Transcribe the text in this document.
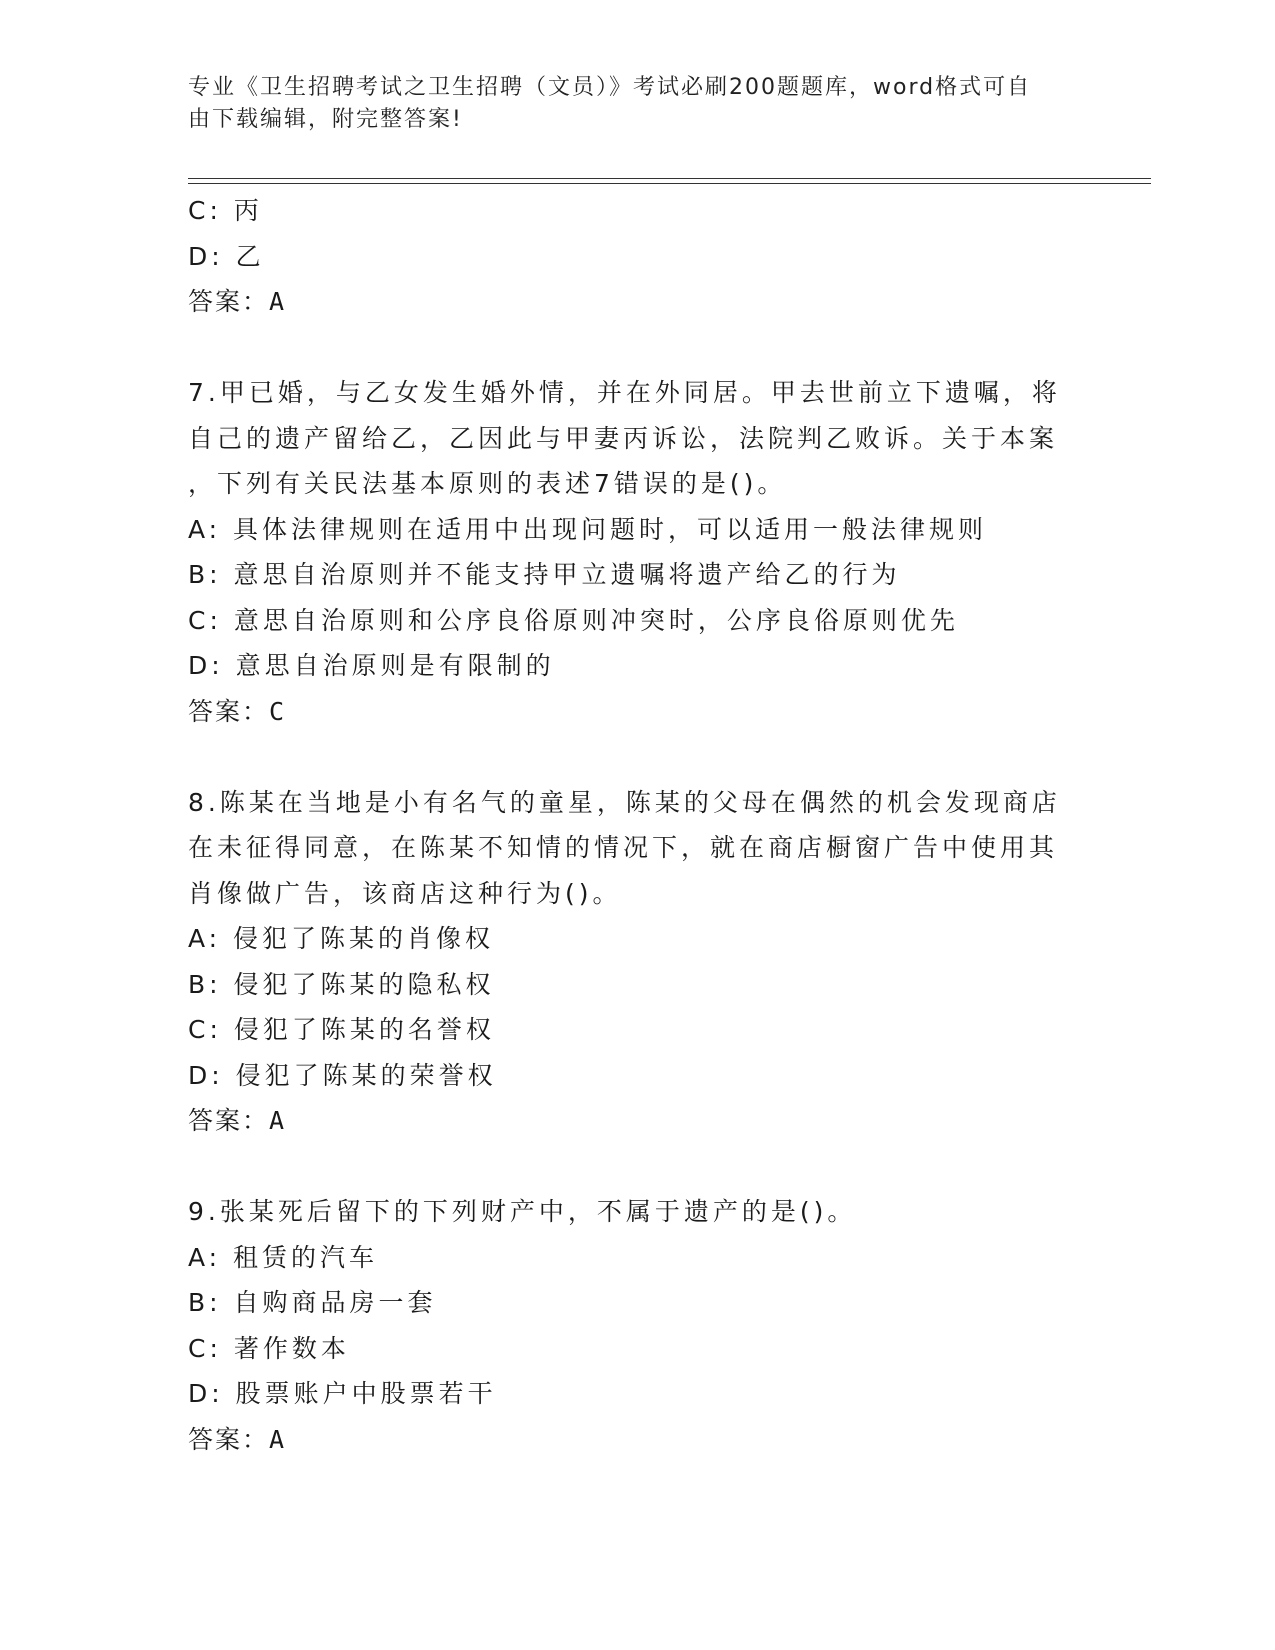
专业《卫生招聘考试之卫生招聘（文员）》考试必刷200题题库，word格式可自
由下载编辑，附完整答案!
C: 丙
D: 乙
答案：A
7.甲已婚，与乙女发生婚外情，并在外同居。甲去世前立下遗嘱，将
自己的遗产留给乙，乙因此与甲妻丙诉讼，法院判乙败诉。关于本案
，下列有关民法基本原则的表述7错误的是()。
A: 具体法律规则在适用中出现问题时，可以适用一般法律规则
B: 意思自治原则并不能支持甲立遗嘱将遗产给乙的行为
C: 意思自治原则和公序良俗原则冲突时，公序良俗原则优先
D: 意思自治原则是有限制的
答案：C
8.陈某在当地是小有名气的童星，陈某的父母在偶然的机会发现商店
在未征得同意，在陈某不知情的情况下，就在商店橱窗广告中使用其
肖像做广告，该商店这种行为()。
A: 侵犯了陈某的肖像权
B: 侵犯了陈某的隐私权
C: 侵犯了陈某的名誉权
D: 侵犯了陈某的荣誉权
答案：A
9.张某死后留下的下列财产中，不属于遗产的是()。
A: 租赁的汽车
B: 自购商品房一套
C: 著作数本
D: 股票账户中股票若干
答案：A
